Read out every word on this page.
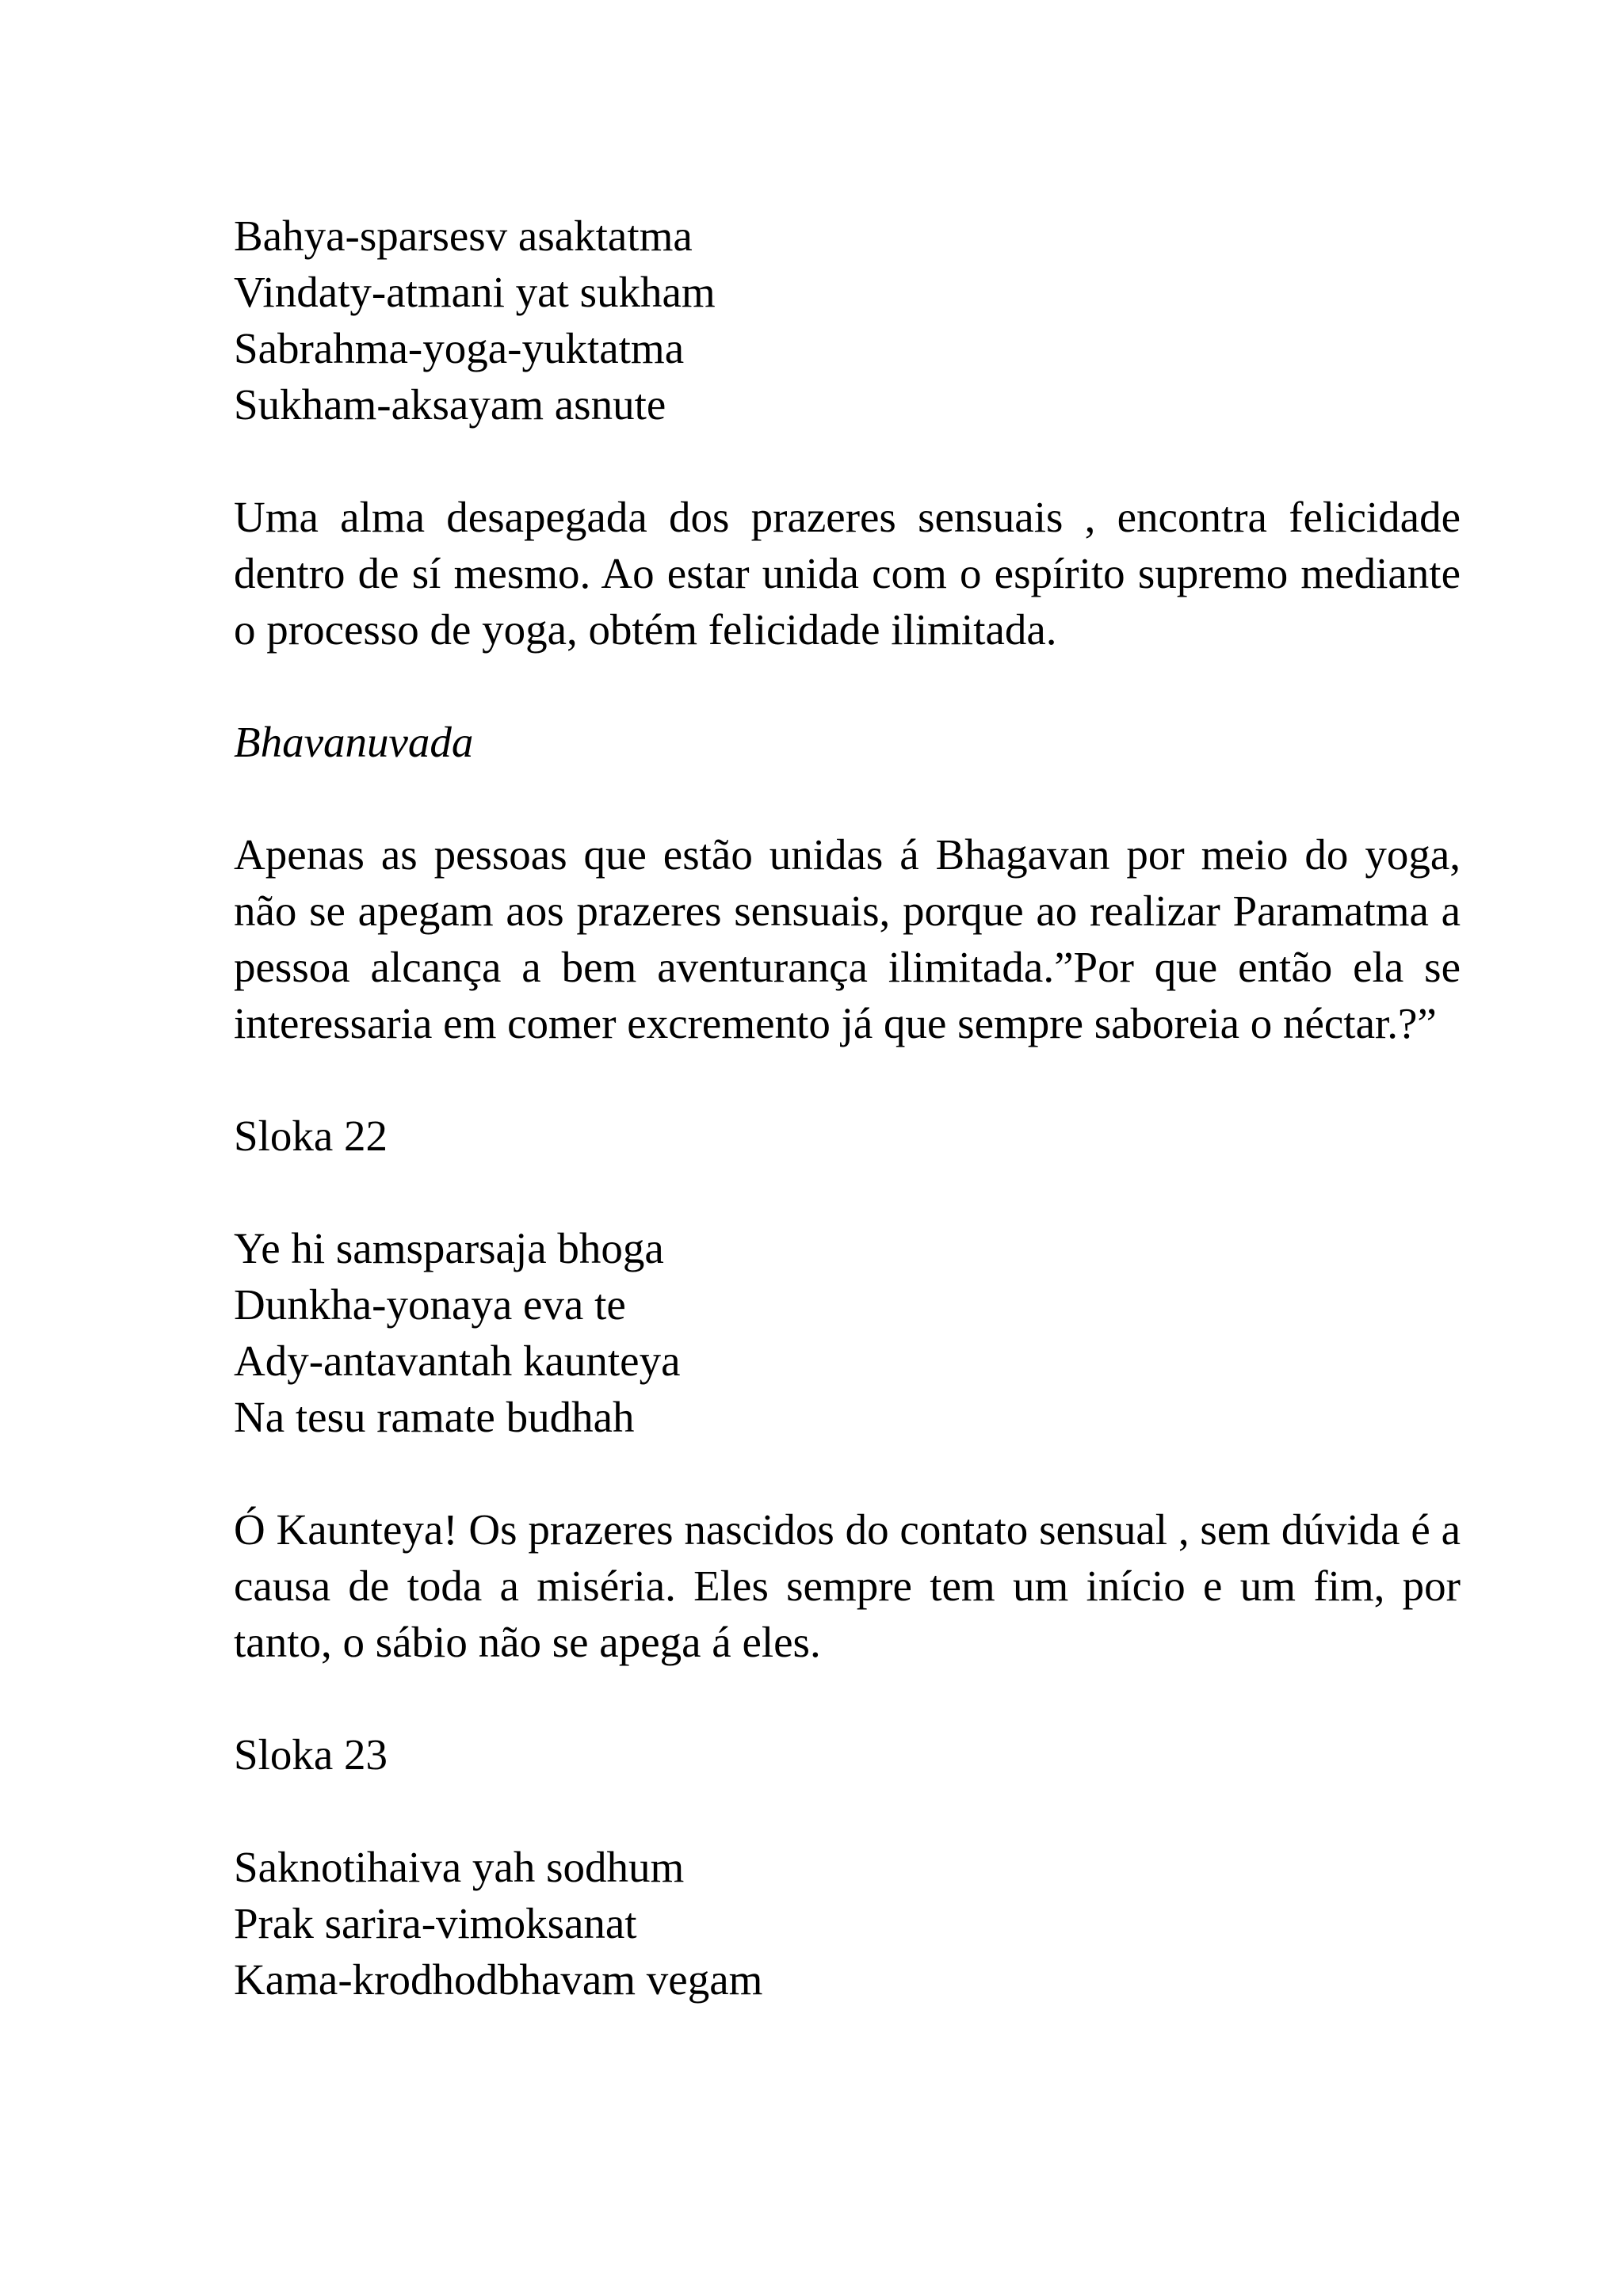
Bahya-sparsesv asaktatma

Vindaty-atmani yat sukham

Sabrahma-yoga-yuktatma

Sukham-aksayam asnute

Uma alma desapegada dos prazeres sensuais , encontra felicidade dentro de sí mesmo. Ao estar unida com o espírito supremo mediante o processo de yoga, obtém felicidade ilimitada.

Bhavanuvada

Apenas as pessoas que estão unidas á Bhagavan por meio do yoga, não se apegam aos prazeres sensuais, porque ao realizar Paramatma a pessoa alcança a bem aventurança ilimitada.”Por que então ela se interessaria em comer excremento já que sempre saboreia o néctar.?”

Sloka 22

Ye hi samsparsaja bhoga

Dunkha-yonaya eva te

Ady-antavantah kaunteya

Na tesu ramate budhah

Ó Kaunteya! Os prazeres nascidos do contato sensual , sem dúvida é a causa de toda a miséria. Eles sempre tem um início e um fim, por tanto, o sábio não se apega á eles.

Sloka 23

Saknotihaiva yah sodhum

Prak sarira-vimoksanat

Kama-krodhodbhavam vegam
